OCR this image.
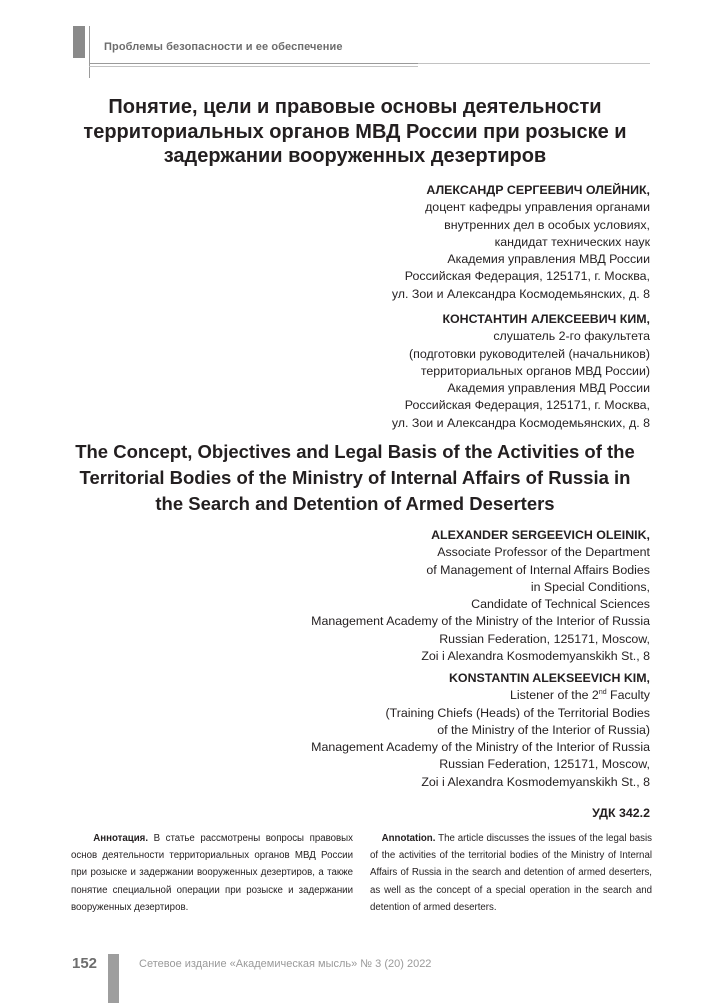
Проблемы безопасности и ее обеспечение
Понятие, цели и правовые основы деятельности
территориальных органов МВД России при розыске и
задержании вооруженных дезертиров
АЛЕКСАНДР СЕРГЕЕВИЧ ОЛЕЙНИК,
доцент кафедры управления органами
внутренних дел в особых условиях,
кандидат технических наук
Академия управления МВД России
Российская Федерация, 125171, г. Москва,
ул. Зои и Александра Космодемьянских, д. 8
КОНСТАНТИН АЛЕКСЕЕВИЧ КИМ,
слушатель 2-го факультета
(подготовки руководителей (начальников)
территориальных органов МВД России)
Академия управления МВД России
Российская Федерация, 125171, г. Москва,
ул. Зои и Александра Космодемьянских, д. 8
The Concept, Objectives and Legal Basis of the Activities of the
Territorial Bodies of the Ministry of Internal Affairs of Russia in
the Search and Detention of Armed Deserters
ALEXANDER SERGEEVICH OLEINIK,
Associate Professor of the Department
of Management of Internal Affairs Bodies
in Special Conditions,
Candidate of Technical Sciences
Management Academy of the Ministry of the Interior of Russia
Russian Federation, 125171, Moscow,
Zoi i Alexandra Kosmodemyanskikh St., 8
KONSTANTIN ALEKSEEVICH KIM,
Listener of the 2nd Faculty
(Training Chiefs (Heads) of the Territorial Bodies
of the Ministry of the Interior of Russia)
Management Academy of the Ministry of the Interior of Russia
Russian Federation, 125171, Moscow,
Zoi i Alexandra Kosmodemyanskikh St., 8
УДК 342.2
Аннотация. В статье рассмотрены вопросы правовых основ деятельности территориальных органов МВД России при розыске и задержании вооруженных дезертиров, а также понятие специальной операции при розыске и задержании вооруженных дезертиров.
Annotation. The article discusses the issues of the legal basis of the activities of the territorial bodies of the Ministry of Internal Affairs of Russia in the search and detention of armed deserters, as well as the concept of a special operation in the search and detention of armed deserters.
152	Сетевое издание «Академическая мысль» № 3 (20) 2022
